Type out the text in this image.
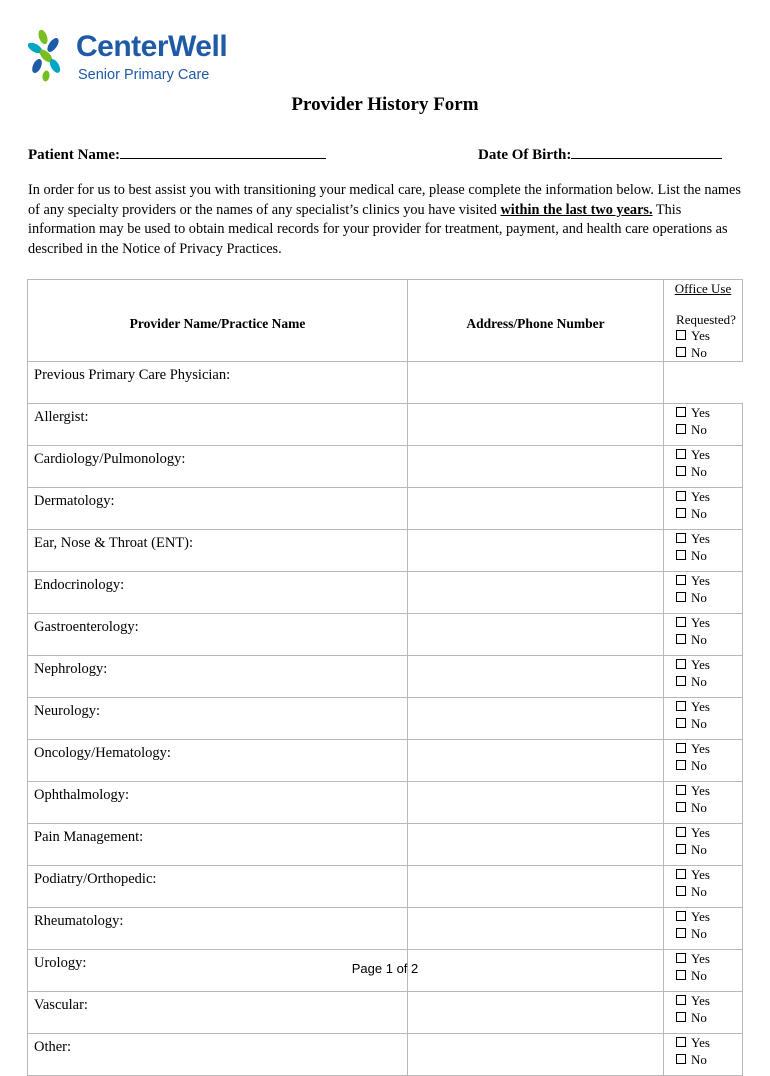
CenterWell
Senior Primary Care
Provider History Form
Patient Name:	Date Of Birth:

In order for us to best assist you with transitioning your medical care, please complete the information below. List the names of any specialty providers or the names of any specialist’s clinics you have visited within the last two years. This information may be used to obtain medical records for your provider for treatment, payment, and health care operations as described in the Notice of Privacy Practices.

Provider Name/Practice Name	Address/Phone Number	Office Use
Requested?
Yes
No

Previous Primary Care Physician:	
Allergist:		Yes
No

Cardiology/Pulmonology:		Yes
No

Dermatology:		Yes
No

Ear, Nose & Throat (ENT):		Yes
No

Endocrinology:		Yes
No

Gastroenterology:		Yes
No

Nephrology:		Yes
No

Neurology:		Yes
No

Oncology/Hematology:		Yes
No

Ophthalmology:		Yes
No

Pain Management:		Yes
No

Podiatry/Orthopedic:		Yes
No

Rheumatology:		Yes
No

Urology:		Yes
No

Vascular:		Yes
No

Other:		Yes
No
Page 1 of 2
